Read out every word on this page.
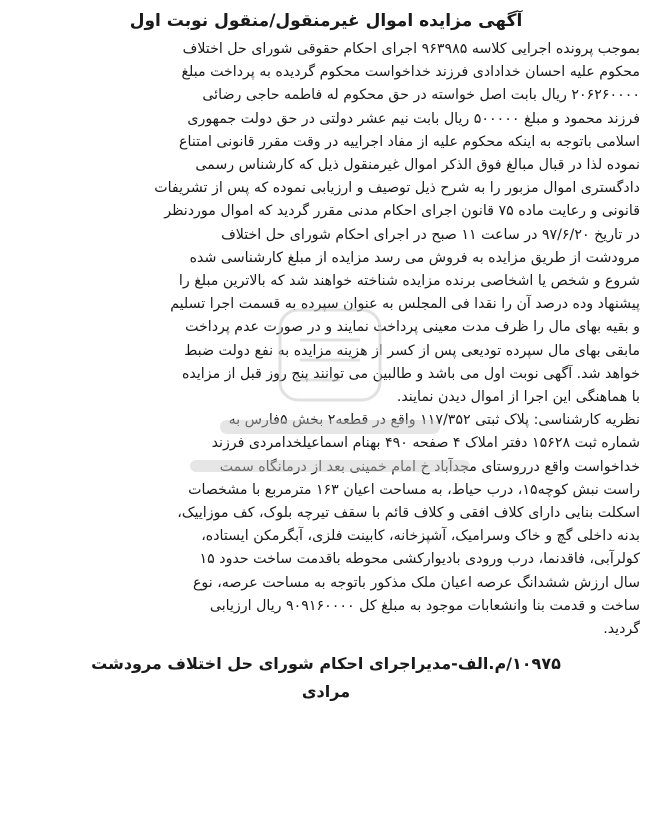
آگهی مزایده اموال غیرمنقول/منقول نوبت اول

بموجب پرونده اجرایی کلاسه ۹۶۳۹۸۵ اجرای احکام حقوقی شورای حل اختلاف
محکوم علیه احسان خدادادی فرزند خداخواست محکوم گردیده به پرداخت مبلغ
۲۰۶۲۶۰۰۰۰ ریال بابت اصل خواسته در حق محکوم له فاطمه حاجی رضائی
فرزند محمود و مبلغ ۵۰۰۰۰۰ ریال بابت نیم عشر دولتی در حق دولت جمهوری
اسلامی باتوجه به اینکه محکوم علیه از مفاد اجراییه در وقت مقرر قانونی امتناع
نموده لذا در قبال مبالغ فوق الذکر اموال غیرمنقول ذیل که کارشناس رسمی
دادگستری اموال مزبور را به شرح ذیل توصیف و ارزیابی نموده که پس از تشریفات
قانونی و رعایت ماده ۷۵ قانون اجرای احکام مدنی مقرر گردید که اموال موردنظر
در تاریخ ۹۷/۶/۲۰ در ساعت ۱۱ صبح در اجرای احکام شورای حل اختلاف
مرودشت از طریق مزایده به فروش می رسد مزایده از مبلغ کارشناسی شده
شروع و شخص یا اشخاصی برنده مزایده شناخته خواهند شد که بالاترین مبلغ را
پیشنهاد وده درصد آن را نقدا فی المجلس به عنوان سپرده به قسمت اجرا تسلیم
و بقیه بهای مال را ظرف مدت معینی پرداخت نمایند و در صورت عدم پرداخت
مابقی بهای مال سپرده تودیعی پس از کسر از هزینه مزایده به نفع دولت ضبط
خواهد شد. آگهی نوبت اول می باشد و طالبین می توانند پنج روز قبل از مزایده
با هماهنگی این اجرا از اموال دیدن نمایند.

نظریه کارشناسی: پلاک ثبتی ۱۱۷/۳۵۲ واقع در قطعه۲ بخش ۵فارس به
شماره ثبت ۱۵۶۲۸ دفتر املاک ۴ صفحه ۴۹۰ بهنام اسماعیلخدامردی فرزند
خداخواست واقع درروستای مجدآباد خ امام خمینی بعد از درمانگاه سمت
راست نبش کوچه۱۵، درب حیاط، به مساحت اعیان ۱۶۳ مترمربع با مشخصات
اسکلت بنایی دارای کلاف افقی و کلاف قائم با سقف تیرچه بلوک، کف موزاییک،
بدنه داخلی گچ و خاک وسرامیک، آشپزخانه، کابینت فلزی، آبگرمکن ایستاده،
کولرآبی، فاقدنما، درب ورودی بادیوارکشی محوطه باقدمت ساخت حدود ۱۵
سال ارزش ششدانگ عرصه اعیان ملک مذکور باتوجه به مساحت عرصه، نوع
ساخت و قدمت بنا وانشعابات موجود به مبلغ کل ۹۰۹۱۶۰۰۰۰ ریال ارزیابی
گردید.

۱۰۹۷۵/م.الف-مدیراجرای احکام شورای حل اختلاف مرودشت
مرادی
